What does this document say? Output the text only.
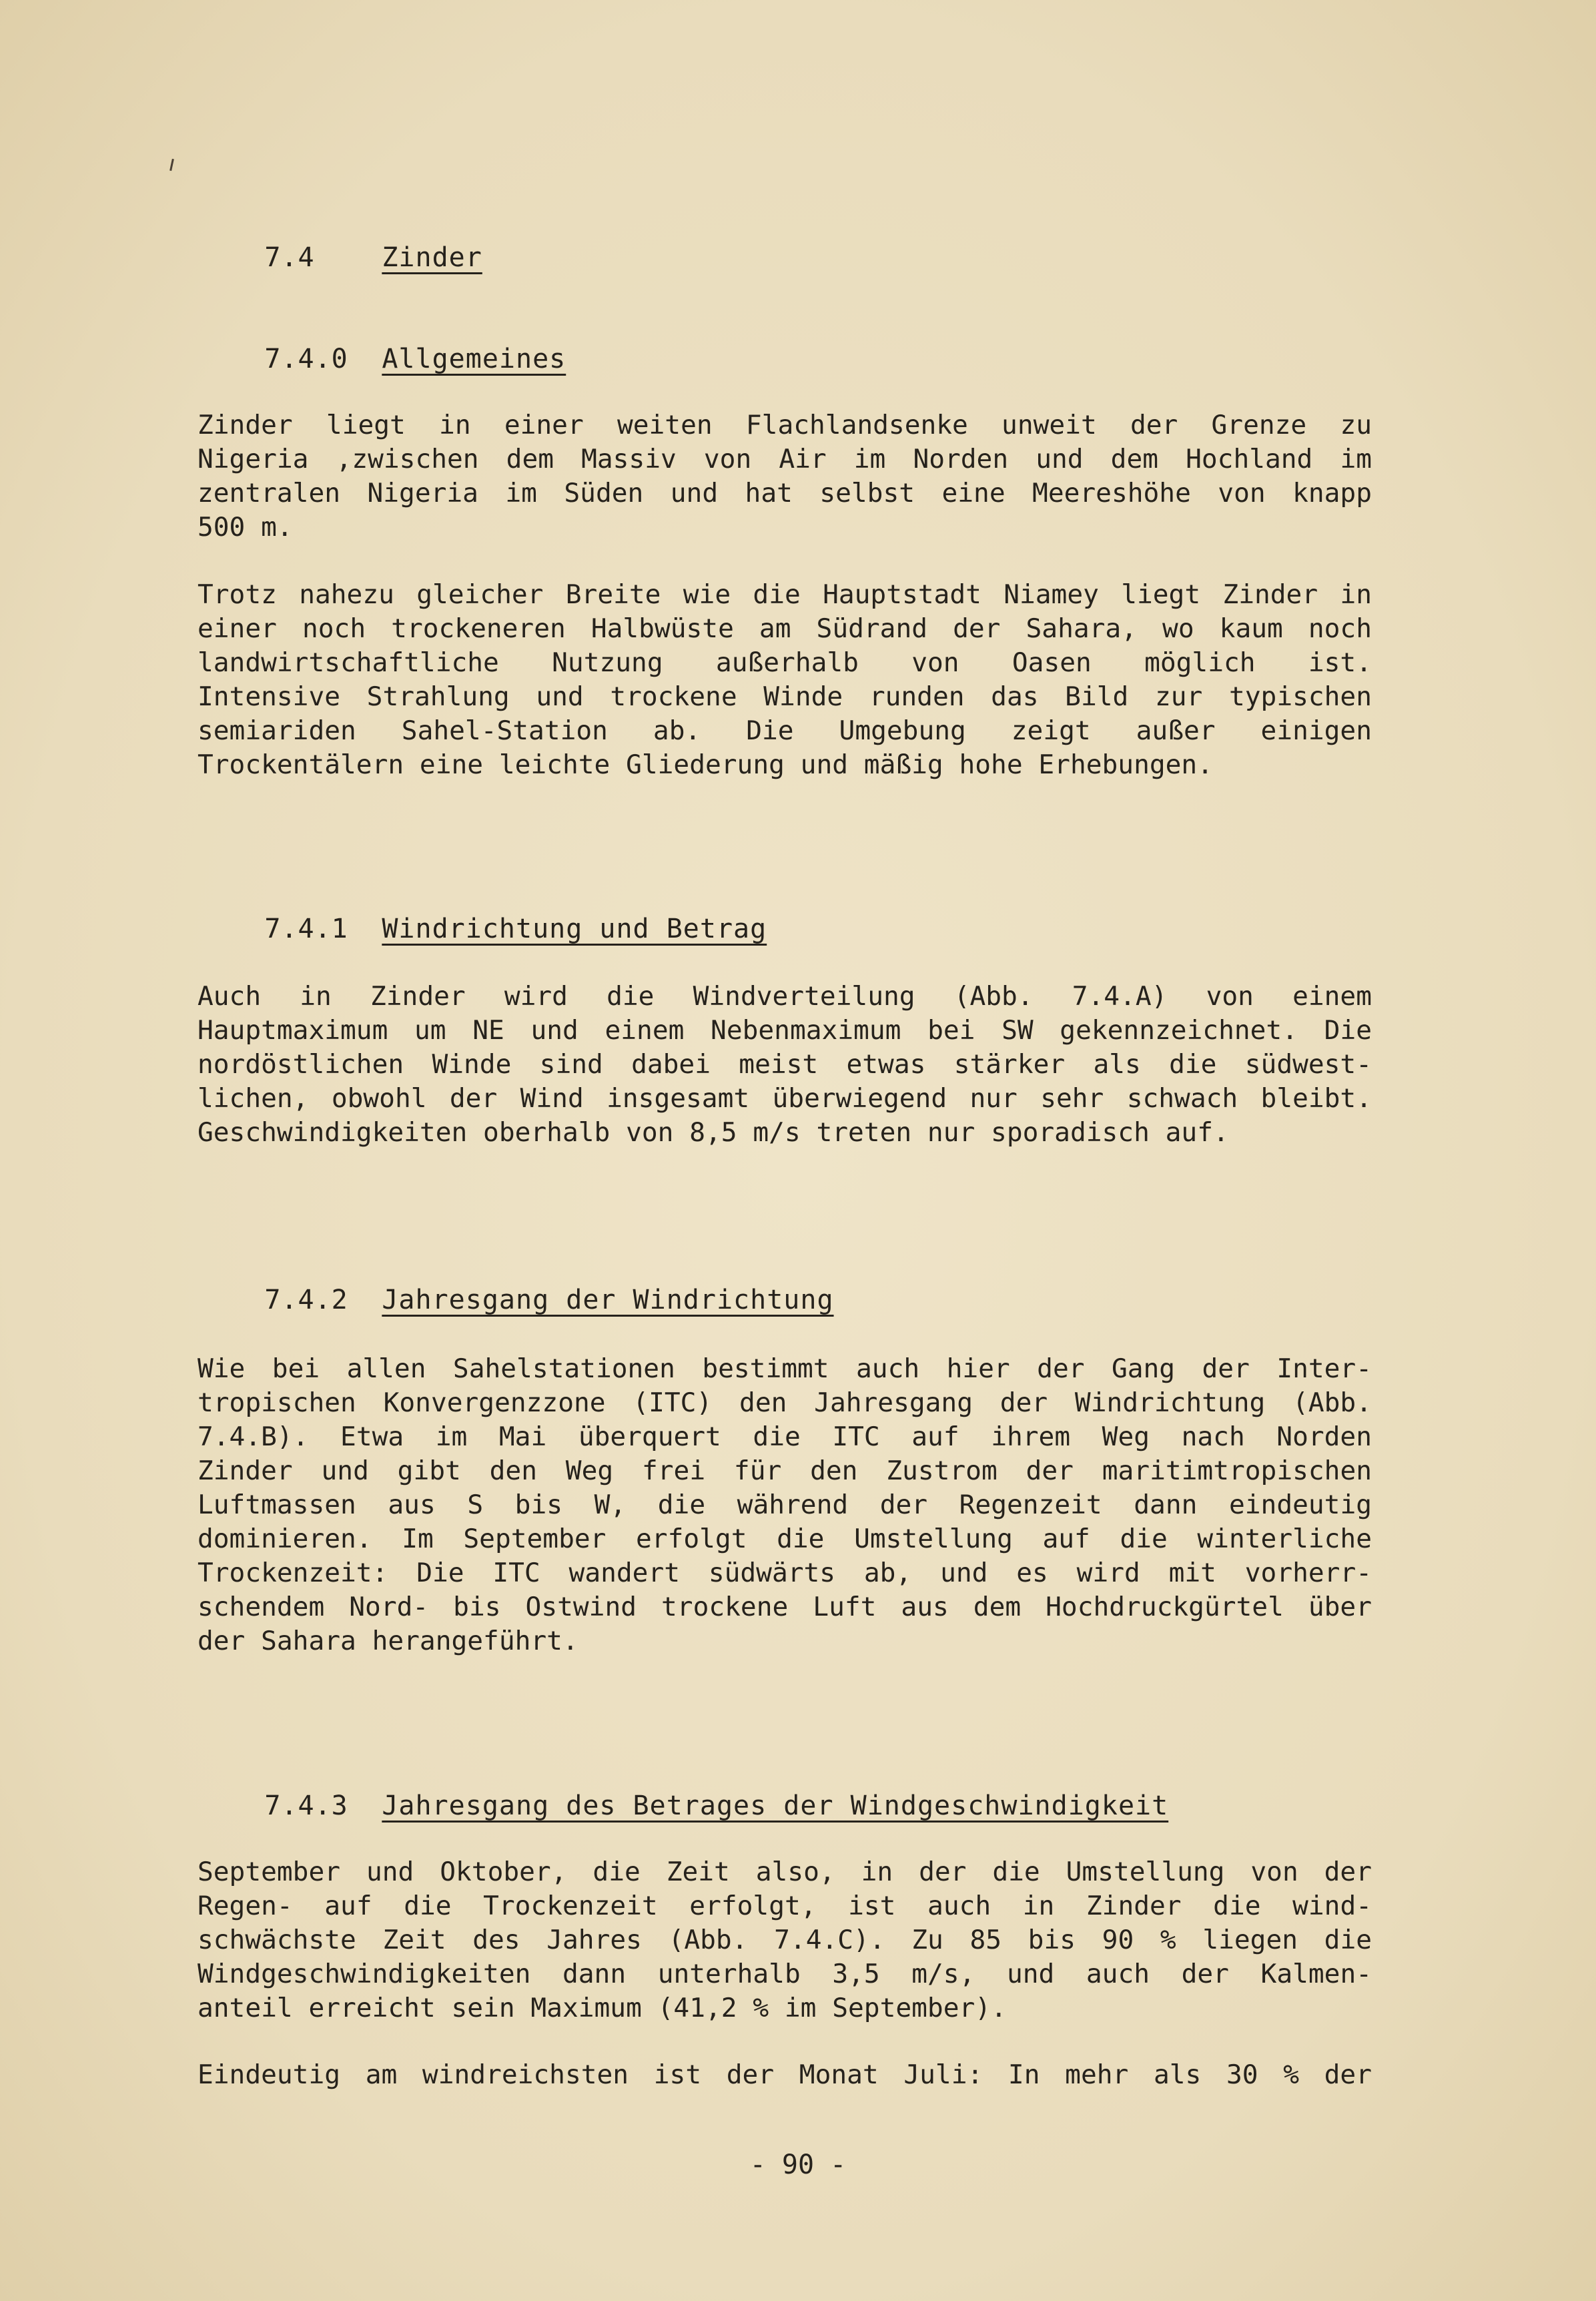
7.4	Zinder

7.4.0 Allgemeines

Zinder liegt in einer weiten Flachlandsenke unweit der Grenze zu
Nigeria ,zwischen dem Massiv von Air im Norden und dem Hochland im
zentralen Nigeria im Süden und hat selbst eine Meereshöhe von knapp
500 m.
Trotz nahezu gleicher Breite wie die Hauptstadt Niamey liegt Zinder in
einer noch trockeneren Halbwüste am Südrand der Sahara, wo kaum noch
landwirtschaftliche Nutzung außerhalb von Oasen möglich ist.
Intensive Strahlung und trockene Winde runden das Bild zur typischen
semiariden Sahel-Station ab. Die Umgebung zeigt außer einigen
Trockentälern eine leichte Gliederung und mäßig hohe Erhebungen.

7.4.1 Windrichtung und Betrag

Auch in Zinder wird die Windverteilung (Abb. 7.4.A) von einem
Hauptmaximum um NE und einem Nebenmaximum bei SW gekennzeichnet. Die
nordöstlichen Winde sind dabei meist etwas stärker als die südwest-
lichen, obwohl der Wind insgesamt überwiegend nur sehr schwach bleibt.
Geschwindigkeiten oberhalb von 8,5 m/s treten nur sporadisch auf.

7.4.2 Jahresgang der Windrichtung

Wie bei allen Sahelstationen bestimmt auch hier der Gang der Inter-
tropischen Konvergenzzone (ITC) den Jahresgang der Windrichtung (Abb.
7.4.B). Etwa im Mai überquert die ITC auf ihrem Weg nach Norden
Zinder und gibt den Weg frei für den Zustrom der maritimtropischen
Luftmassen aus S bis W, die während der Regenzeit dann eindeutig
dominieren. Im September erfolgt die Umstellung auf die winterliche
Trockenzeit: Die ITC wandert südwärts ab, und es wird mit vorherr-
schendem Nord- bis Ostwind trockene Luft aus dem Hochdruckgürtel über
der Sahara herangeführt.

7.4.3 Jahresgang des Betrages der Windgeschwindigkeit

September und Oktober, die Zeit also, in der die Umstellung von der
Regen- auf die Trockenzeit erfolgt, ist auch in Zinder die wind-
schwächste Zeit des Jahres (Abb. 7.4.C). Zu 85 bis 90 % liegen die
Windgeschwindigkeiten dann unterhalb 3,5 m/s, und auch der Kalmen-
anteil erreicht sein Maximum (41,2 % im September).
Eindeutig am windreichsten ist der Monat Juli: In mehr als 30 % der
- 90 -
